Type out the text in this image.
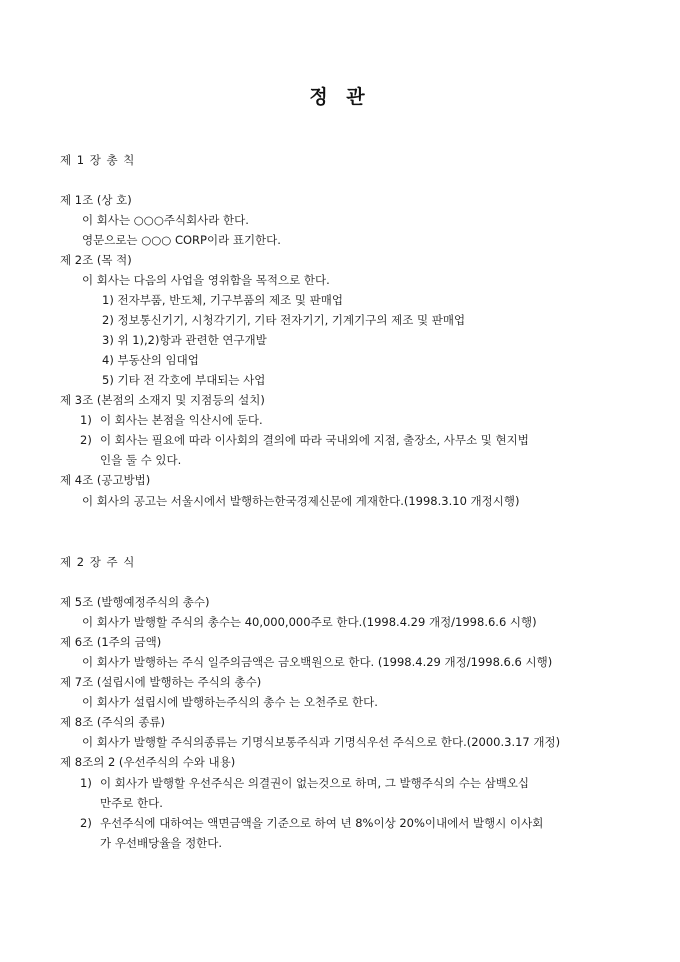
정 관
제 1 장 총 칙
제 1조 (상 호)
이 회사는 ○○○주식회사라 한다.
영문으로는 ○○○ CORP이라 표기한다.
제 2조 (목 적)
이 회사는 다음의 사업을 영위함을 목적으로 한다.
1) 전자부품, 반도체, 기구부품의 제조 및 판매업
2) 정보통신기기, 시청각기기, 기타 전자기기, 기계기구의 제조 및 판매업
3) 위 1),2)항과 관련한 연구개발
4) 부동산의 임대업
5) 기타 전 각호에 부대되는 사업
제 3조 (본점의 소재지 및 지점등의 설치)
1) 이 회사는 본점을 익산시에 둔다.
2) 이 회사는 필요에 따라 이사회의 결의에 따라 국내외에 지점, 출장소, 사무소 및 현지법
인을 둘 수 있다.
제 4조 (공고방법)
이 회사의 공고는 서울시에서 발행하는한국경제신문에 게재한다.(1998.3.10 개정시행)
제 2 장 주 식
제 5조 (발행예정주식의 총수)
이 회사가 발행할 주식의 총수는 40,000,000주로 한다.(1998.4.29 개정/1998.6.6 시행)
제 6조 (1주의 금액)
이 회사가 발행하는 주식 일주의금액은 금오백원으로 한다. (1998.4.29 개정/1998.6.6 시행)
제 7조 (설립시에 발행하는 주식의 총수)
이 회사가 설립시에 발행하는주식의 총수 는 오천주로 한다.
제 8조 (주식의 종류)
이 회사가 발행할 주식의종류는 기명식보통주식과 기명식우선 주식으로 한다.(2000.3.17 개정)
제 8조의 2 (우선주식의 수와 내용)
1) 이 회사가 발행할 우선주식은 의결권이 없는것으로 하며, 그 발행주식의 수는 삼백오십
만주로 한다.
2) 우선주식에 대하여는 액면금액을 기준으로 하여 년 8%이상 20%이내에서 발행시 이사회
가 우선배당율을 정한다.
